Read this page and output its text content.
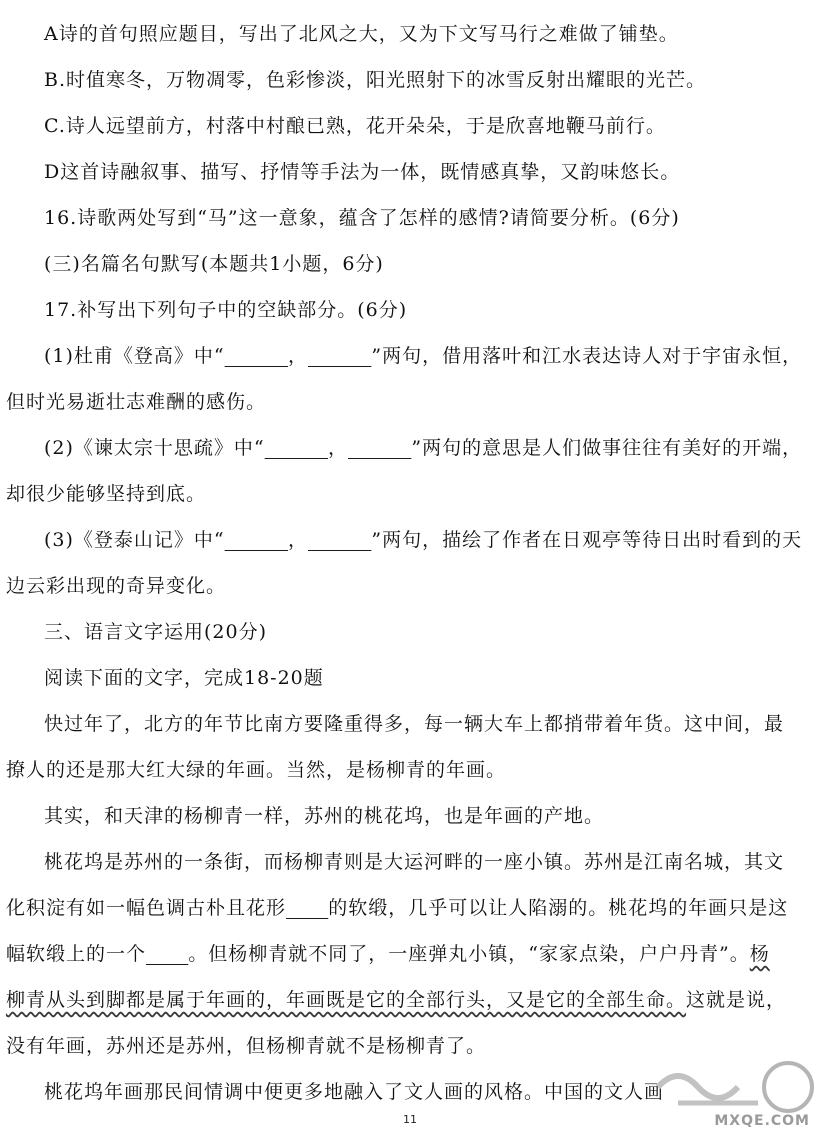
A诗的首句照应题目，写出了北风之大，又为下文写马行之难做了铺垫。
B.时值寒冬，万物凋零，色彩惨淡，阳光照射下的冰雪反射出耀眼的光芒。
C.诗人远望前方，村落中村酿已熟，花开朵朵，于是欣喜地鞭马前行。
D这首诗融叙事、描写、抒情等手法为一体，既情感真挚，又韵味悠长。
16.诗歌两处写到“马”这一意象，蕴含了怎样的感情?请简要分析。(6分)
(三)名篇名句默写(本题共1小题，6分)
17.补写出下列句子中的空缺部分。(6分)
(1)杜甫《登高》中“	，	”两句，借用落叶和江水表达诗人对于宇宙永恒，
但时光易逝壮志难酬的感伤。
(2)《谏太宗十思疏》中“	，	”两句的意思是人们做事往往有美好的开端，
却很少能够坚持到底。
(3)《登泰山记》中“	，	”两句，描绘了作者在日观亭等待日出时看到的天
边云彩出现的奇异变化。
三、语言文字运用(20分)
阅读下面的文字，完成18-20题
快过年了，北方的年节比南方要隆重得多，每一辆大车上都捎带着年货。这中间，最
撩人的还是那大红大绿的年画。当然，是杨柳青的年画。
其实，和天津的杨柳青一样，苏州的桃花坞，也是年画的产地。
桃花坞是苏州的一条街，而杨柳青则是大运河畔的一座小镇。苏州是江南名城，其文
化积淀有如一幅色调古朴且花形 的软缎，几乎可以让人陷溺的。桃花坞的年画只是这
幅软缎上的一个 。但杨柳青就不同了，一座弹丸小镇，“家家点染，户户丹青”。杨
柳青从头到脚都是属于年画的，年画既是它的全部行头，又是它的全部生命。这就是说，
没有年画，苏州还是苏州，但杨柳青就不是杨柳青了。
桃花坞年画那民间情调中便更多地融入了文人画的风格。中国的文人画
11	MXQE.COM
